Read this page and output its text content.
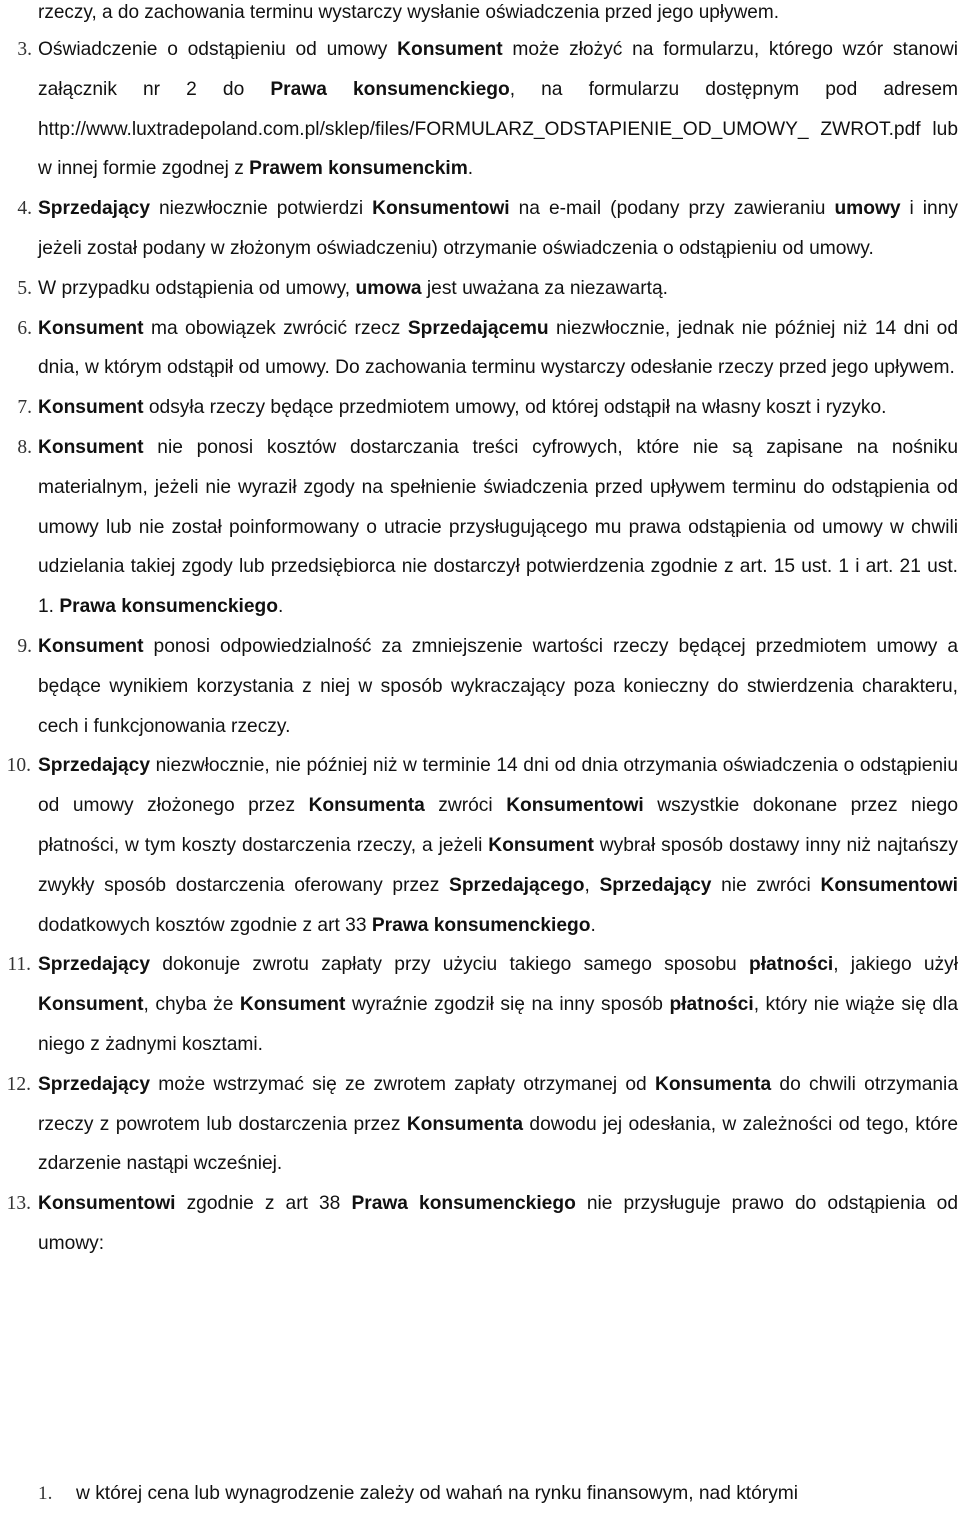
rzeczy, a do zachowania terminu wystarczy wysłanie oświadczenia przed jego upływem.

3. Oświadczenie o odstąpieniu od umowy Konsument może złożyć na formularzu, którego wzór stanowi załącznik nr 2 do Prawa konsumenckiego, na formularzu dostępnym pod adresem http://www.luxtradepoland.com.pl/sklep/files/FORMULARZ_ODSTAPIENIE_OD_UMOWY_ ZWROT.pdf lub w innej formie zgodnej z Prawem konsumenckim.
4. Sprzedający niezwłocznie potwierdzi Konsumentowi na e-mail (podany przy zawieraniu umowy i inny jeżeli został podany w złożonym oświadczeniu) otrzymanie oświadczenia o odstąpieniu od umowy.
5. W przypadku odstąpienia od umowy, umowa jest uważana za niezawartą.
6. Konsument ma obowiązek zwrócić rzecz Sprzedającemu niezwłocznie, jednak nie później niż 14 dni od dnia, w którym odstąpił od umowy. Do zachowania terminu wystarczy odesłanie rzeczy przed jego upływem.
7. Konsument odsyła rzeczy będące przedmiotem umowy, od której odstąpił na własny koszt i ryzyko.
8. Konsument nie ponosi kosztów dostarczania treści cyfrowych, które nie są zapisane na nośniku materialnym, jeżeli nie wyraził zgody na spełnienie świadczenia przed upływem terminu do odstąpienia od umowy lub nie został poinformowany o utracie przysługującego mu prawa odstąpienia od umowy w chwili udzielania takiej zgody lub przedsiębiorca nie dostarczył potwierdzenia zgodnie z art. 15 ust. 1 i art. 21 ust. 1. Prawa konsumenckiego.
9. Konsument ponosi odpowiedzialność za zmniejszenie wartości rzeczy będącej przedmiotem umowy a będące wynikiem korzystania z niej w sposób wykraczający poza konieczny do stwierdzenia charakteru, cech i funkcjonowania rzeczy.
10. Sprzedający niezwłocznie, nie później niż w terminie 14 dni od dnia otrzymania oświadczenia o odstąpieniu od umowy złożonego przez Konsumenta zwróci Konsumentowi wszystkie dokonane przez niego płatności, w tym koszty dostarczenia rzeczy, a jeżeli Konsument wybrał sposób dostawy inny niż najtańszy zwykły sposób dostarczenia oferowany przez Sprzedającego, Sprzedający nie zwróci Konsumentowi dodatkowych kosztów zgodnie z art 33 Prawa konsumenckiego.
11. Sprzedający dokonuje zwrotu zapłaty przy użyciu takiego samego sposobu płatności, jakiego użył Konsument, chyba że Konsument wyraźnie zgodził się na inny sposób płatności, który nie wiąże się dla niego z żadnymi kosztami.
12. Sprzedający może wstrzymać się ze zwrotem zapłaty otrzymanej od Konsumenta do chwili otrzymania rzeczy z powrotem lub dostarczenia przez Konsumenta dowodu jej odesłania, w zależności od tego, które zdarzenie nastąpi wcześniej.
13. Konsumentowi zgodnie z art 38 Prawa konsumenckiego nie przysługuje prawo do odstąpienia od umowy:
1. w której cena lub wynagrodzenie zależy od wahań na rynku finansowym, nad którymi
